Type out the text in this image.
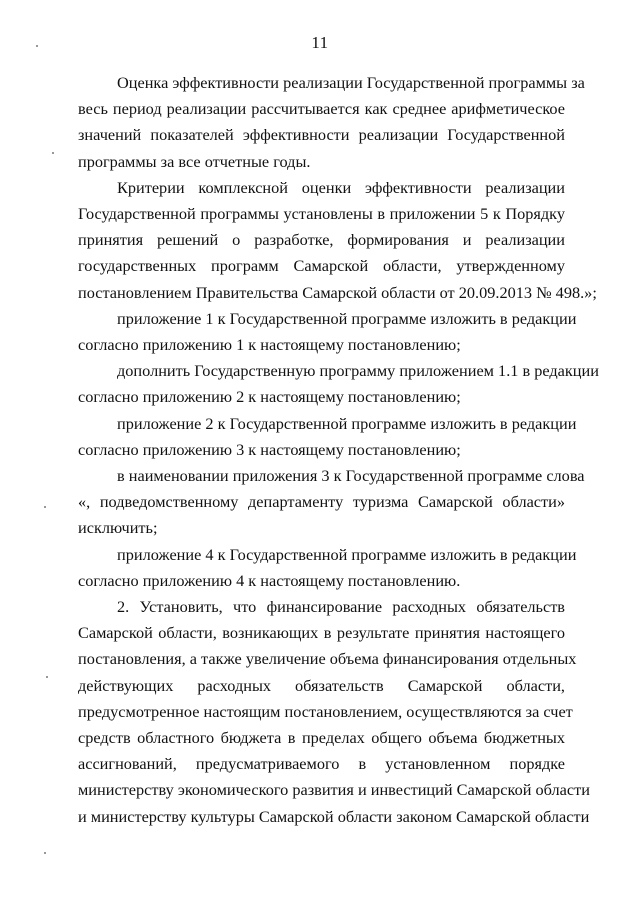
11

Оценка эффективности реализации Государственной программы за
весь период реализации рассчитывается как среднее арифметическое
значений показателей эффективности реализации Государственной
программы за все отчетные годы.

Критерии комплексной оценки эффективности реализации
Государственной программы установлены в приложении 5 к Порядку
принятия решений о разработке, формирования и реализации
государственных программ Самарской области, утвержденному
постановлением Правительства Самарской области от 20.09.2013 № 498.»;

приложение 1 к Государственной программе изложить в редакции
согласно приложению 1 к настоящему постановлению;

дополнить Государственную программу приложением 1.1 в редакции
согласно приложению 2 к настоящему постановлению;

приложение 2 к Государственной программе изложить в редакции
согласно приложению 3 к настоящему постановлению;

в наименовании приложения 3 к Государственной программе слова
«, подведомственному департаменту туризма Самарской области»
исключить;

приложение 4 к Государственной программе изложить в редакции
согласно приложению 4 к настоящему постановлению.

2. Установить, что финансирование расходных обязательств
Самарской области, возникающих в результате принятия настоящего
постановления, а также увеличение объема финансирования отдельных
действующих расходных обязательств Самарской области,
предусмотренное настоящим постановлением, осуществляются за счет
средств областного бюджета в пределах общего объема бюджетных
ассигнований, предусматриваемого в установленном порядке
министерству экономического развития и инвестиций Самарской области
и министерству культуры Самарской области законом Самарской области
